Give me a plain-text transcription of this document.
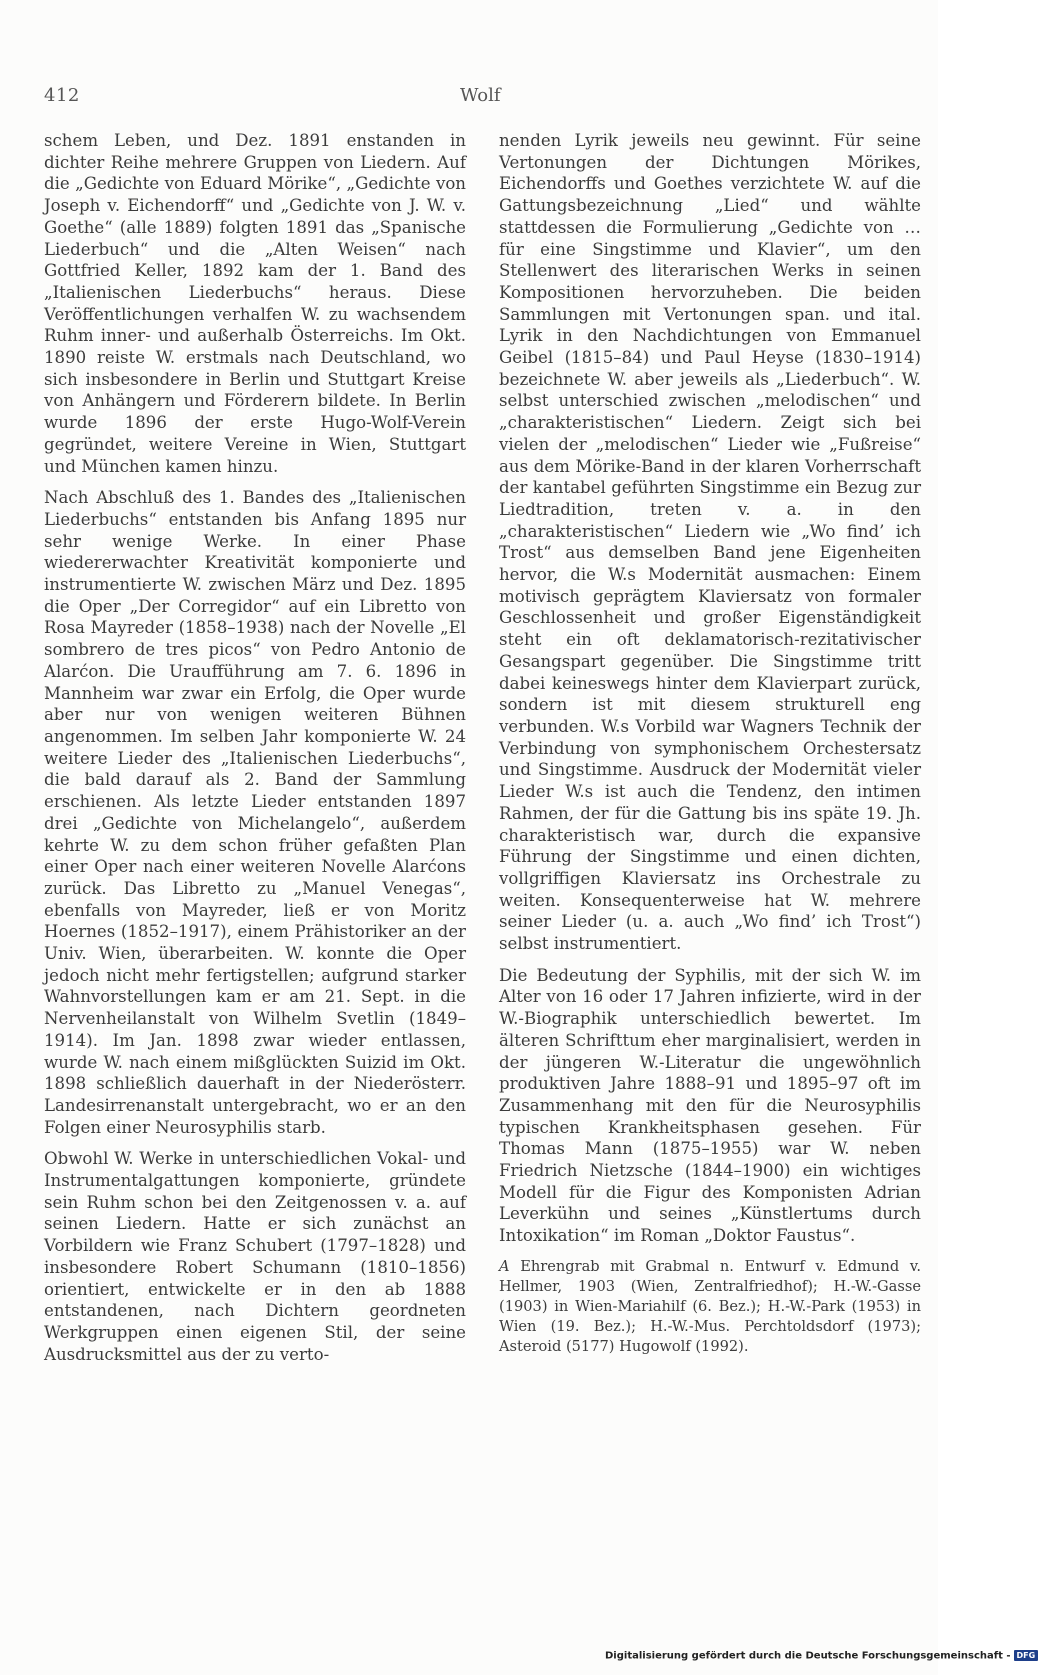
412	Wolf

schem Leben, und Dez. 1891 enstanden in dichter Reihe mehrere Gruppen von Liedern. Auf die „Gedichte von Eduard Mörike“, „Gedichte von Joseph v. Eichendorff“ und „Gedichte von J. W. v. Goethe“ (alle 1889) folgten 1891 das „Spanische Liederbuch“ und die „Alten Weisen“ nach Gottfried Keller, 1892 kam der 1. Band des „Italienischen Liederbuchs“ heraus. Diese Veröffentlichungen verhalfen W. zu wachsendem Ruhm inner- und außerhalb Österreichs. Im Okt. 1890 reiste W. erstmals nach Deutschland, wo sich insbesondere in Berlin und Stuttgart Kreise von Anhängern und Förderern bildete. In Berlin wurde 1896 der erste Hugo-Wolf-Verein gegründet, weitere Vereine in Wien, Stuttgart und München kamen hinzu.

Nach Abschluß des 1. Bandes des „Italienischen Liederbuchs“ entstanden bis Anfang 1895 nur sehr wenige Werke. In einer Phase wiedererwachter Kreativität komponierte und instrumentierte W. zwischen März und Dez. 1895 die Oper „Der Corregidor“ auf ein Libretto von Rosa Mayreder (1858–1938) nach der Novelle „El sombrero de tres picos“ von Pedro Antonio de Alarćon. Die Uraufführung am 7. 6. 1896 in Mannheim war zwar ein Erfolg, die Oper wurde aber nur von wenigen weiteren Bühnen angenommen. Im selben Jahr komponierte W. 24 weitere Lieder des „Italienischen Liederbuchs“, die bald darauf als 2. Band der Sammlung erschienen. Als letzte Lieder entstanden 1897 drei „Gedichte von Michelangelo“, außerdem kehrte W. zu dem schon früher gefaßten Plan einer Oper nach einer weiteren Novelle Alarćons zurück. Das Libretto zu „Manuel Venegas“, ebenfalls von Mayreder, ließ er von Moritz Hoernes (1852–1917), einem Prähistoriker an der Univ. Wien, überarbeiten. W. konnte die Oper jedoch nicht mehr fertigstellen; aufgrund starker Wahnvorstellungen kam er am 21. Sept. in die Nervenheilanstalt von Wilhelm Svetlin (1849–1914). Im Jan. 1898 zwar wieder entlassen, wurde W. nach einem mißglückten Suizid im Okt. 1898 schließlich dauerhaft in der Niederösterr. Landesirrenanstalt untergebracht, wo er an den Folgen einer Neurosyphilis starb.

Obwohl W. Werke in unterschiedlichen Vokal- und Instrumentalgattungen komponierte, gründete sein Ruhm schon bei den Zeitgenossen v. a. auf seinen Liedern. Hatte er sich zunächst an Vorbildern wie Franz Schubert (1797–1828) und insbesondere Robert Schumann (1810–1856) orientiert, entwickelte er in den ab 1888 entstandenen, nach Dichtern geordneten Werkgruppen einen eigenen Stil, der seine Ausdrucksmittel aus der zu verto-

nenden Lyrik jeweils neu gewinnt. Für seine Vertonungen der Dichtungen Mörikes, Eichendorffs und Goethes verzichtete W. auf die Gattungsbezeichnung „Lied“ und wählte stattdessen die Formulierung „Gedichte von … für eine Singstimme und Klavier“, um den Stellenwert des literarischen Werks in seinen Kompositionen hervorzuheben. Die beiden Sammlungen mit Vertonungen span. und ital. Lyrik in den Nachdichtungen von Emmanuel Geibel (1815–84) und Paul Heyse (1830–1914) bezeichnete W. aber jeweils als „Liederbuch“. W. selbst unterschied zwischen „melodischen“ und „charakteristischen“ Liedern. Zeigt sich bei vielen der „melodischen“ Lieder wie „Fußreise“ aus dem Mörike-Band in der klaren Vorherrschaft der kantabel geführten Singstimme ein Bezug zur Liedtradition, treten v. a. in den „charakteristischen“ Liedern wie „Wo find’ ich Trost“ aus demselben Band jene Eigenheiten hervor, die W.s Modernität ausmachen: Einem motivisch geprägtem Klaviersatz von formaler Geschlossenheit und großer Eigenständigkeit steht ein oft deklamatorisch-rezitativischer Gesangspart gegenüber. Die Singstimme tritt dabei keineswegs hinter dem Klavierpart zurück, sondern ist mit diesem strukturell eng verbunden. W.s Vorbild war Wagners Technik der Verbindung von symphonischem Orchestersatz und Singstimme. Ausdruck der Modernität vieler Lieder W.s ist auch die Tendenz, den intimen Rahmen, der für die Gattung bis ins späte 19. Jh. charakteristisch war, durch die expansive Führung der Singstimme und einen dichten, vollgriffigen Klaviersatz ins Orchestrale zu weiten. Konsequenterweise hat W. mehrere seiner Lieder (u. a. auch „Wo find’ ich Trost“) selbst instrumentiert.

Die Bedeutung der Syphilis, mit der sich W. im Alter von 16 oder 17 Jahren infizierte, wird in der W.-Biographik unterschiedlich bewertet. Im älteren Schrifttum eher marginalisiert, werden in der jüngeren W.-Literatur die ungewöhnlich produktiven Jahre 1888–91 und 1895–97 oft im Zusammenhang mit den für die Neurosyphilis typischen Krankheitsphasen gesehen. Für Thomas Mann (1875–1955) war W. neben Friedrich Nietzsche (1844–1900) ein wichtiges Modell für die Figur des Komponisten Adrian Leverkühn und seines „Künstlertums durch Intoxikation“ im Roman „Doktor Faustus“.

A Ehrengrab mit Grabmal n. Entwurf v. Edmund v. Hellmer, 1903 (Wien, Zentralfriedhof); H.-W.-Gasse (1903) in Wien-Mariahilf (6. Bez.); H.-W.-Park (1953) in Wien (19. Bez.); H.-W.-Mus. Perchtoldsdorf (1973); Asteroid (5177) Hugowolf (1992).

Digitalisierung gefördert durch die Deutsche Forschungsgemeinschaft - DFG
